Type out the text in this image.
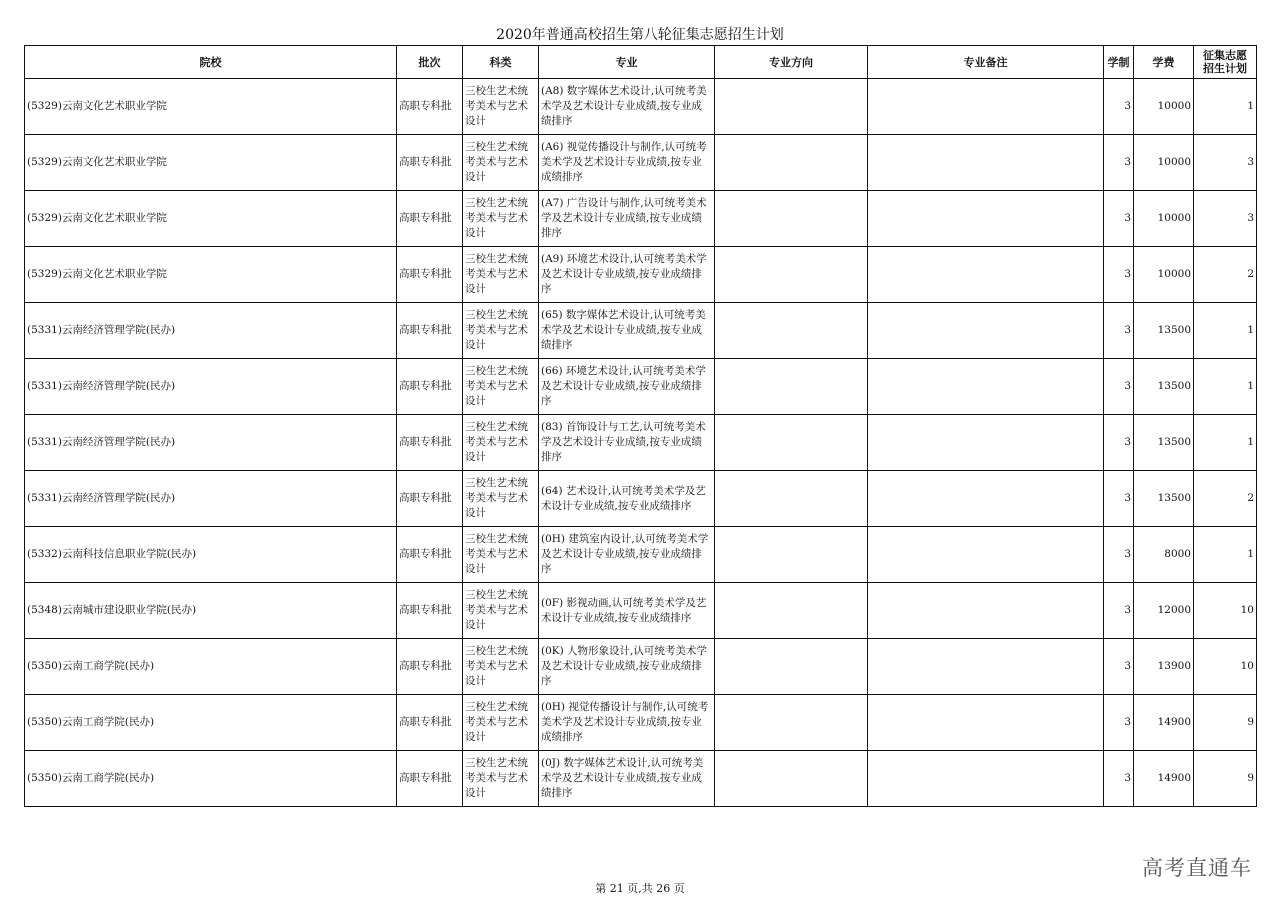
2020年普通高校招生第八轮征集志愿招生计划
院校	批次	科类	专业	专业方向	专业备注	学制	学费	征集志愿
招生计划

(5329)云南文化艺术职业学院	高职专科批	三校生艺术统考美术与艺术设计	(A8) 数字媒体艺术设计,认可统考美术学及艺术设计专业成绩,按专业成绩排序			3	10000	1
(5329)云南文化艺术职业学院	高职专科批	三校生艺术统考美术与艺术设计	(A6) 视觉传播设计与制作,认可统考美术学及艺术设计专业成绩,按专业成绩排序			3	10000	3
(5329)云南文化艺术职业学院	高职专科批	三校生艺术统考美术与艺术设计	(A7) 广告设计与制作,认可统考美术学及艺术设计专业成绩,按专业成绩排序			3	10000	3
(5329)云南文化艺术职业学院	高职专科批	三校生艺术统考美术与艺术设计	(A9) 环境艺术设计,认可统考美术学及艺术设计专业成绩,按专业成绩排序			3	10000	2
(5331)云南经济管理学院(民办)	高职专科批	三校生艺术统考美术与艺术设计	(65) 数字媒体艺术设计,认可统考美术学及艺术设计专业成绩,按专业成绩排序			3	13500	1
(5331)云南经济管理学院(民办)	高职专科批	三校生艺术统考美术与艺术设计	(66) 环境艺术设计,认可统考美术学及艺术设计专业成绩,按专业成绩排序			3	13500	1
(5331)云南经济管理学院(民办)	高职专科批	三校生艺术统考美术与艺术设计	(83) 首饰设计与工艺,认可统考美术学及艺术设计专业成绩,按专业成绩排序			3	13500	1
(5331)云南经济管理学院(民办)	高职专科批	三校生艺术统考美术与艺术设计	(64) 艺术设计,认可统考美术学及艺术设计专业成绩,按专业成绩排序			3	13500	2
(5332)云南科技信息职业学院(民办)	高职专科批	三校生艺术统考美术与艺术设计	(0H) 建筑室内设计,认可统考美术学及艺术设计专业成绩,按专业成绩排序			3	8000	1
(5348)云南城市建设职业学院(民办)	高职专科批	三校生艺术统考美术与艺术设计	(0F) 影视动画,认可统考美术学及艺术设计专业成绩,按专业成绩排序			3	12000	10
(5350)云南工商学院(民办)	高职专科批	三校生艺术统考美术与艺术设计	(0K) 人物形象设计,认可统考美术学及艺术设计专业成绩,按专业成绩排序			3	13900	10
(5350)云南工商学院(民办)	高职专科批	三校生艺术统考美术与艺术设计	(0H) 视觉传播设计与制作,认可统考美术学及艺术设计专业成绩,按专业成绩排序			3	14900	9
(5350)云南工商学院(民办)	高职专科批	三校生艺术统考美术与艺术设计	(0J) 数字媒体艺术设计,认可统考美术学及艺术设计专业成绩,按专业成绩排序			3	14900	9
第 21 页,共 26 页
高考直通车
